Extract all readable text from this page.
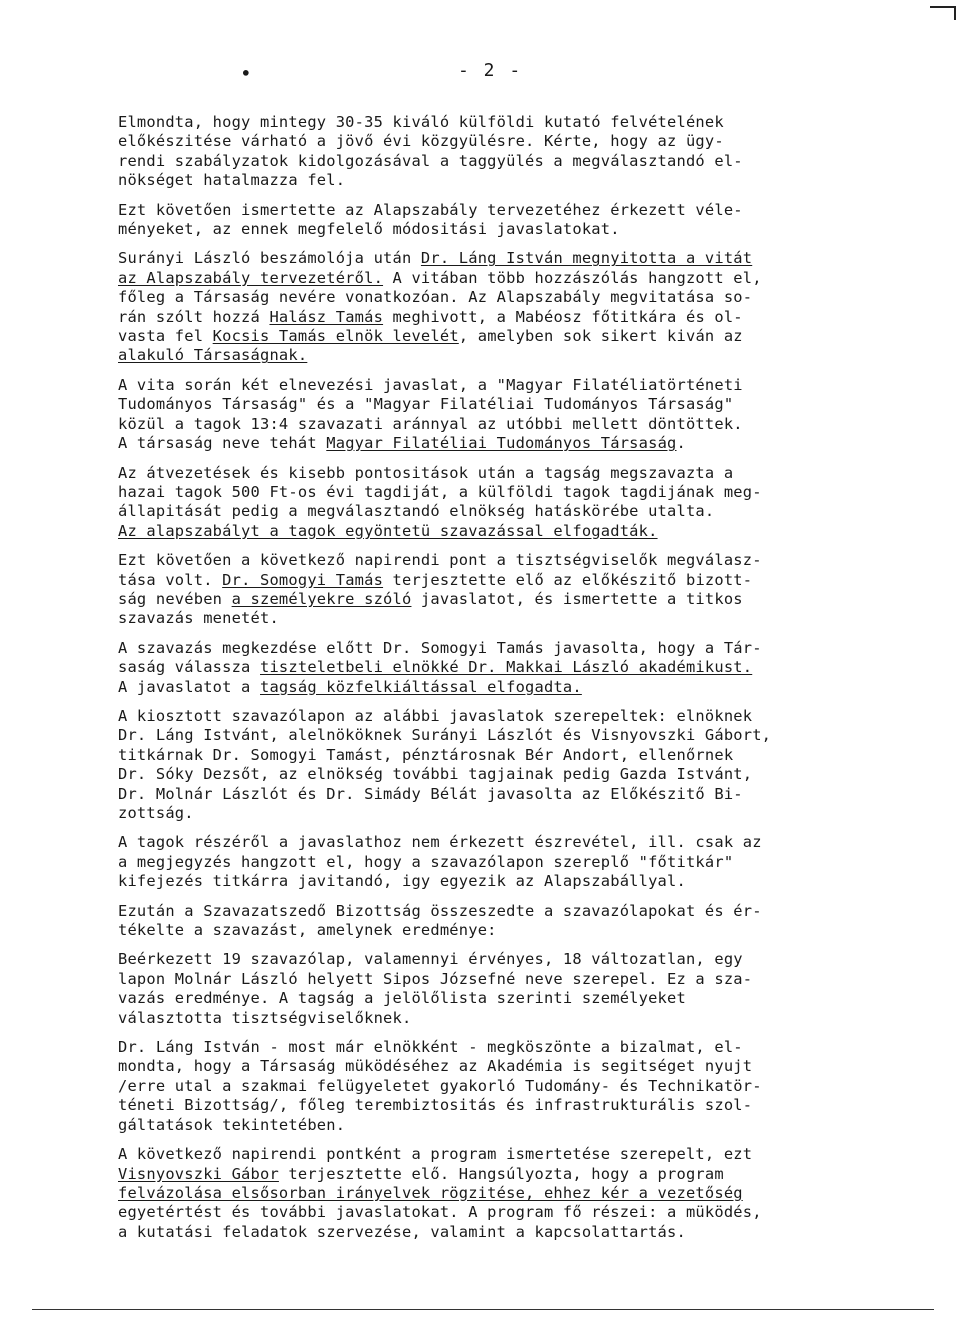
•	- 2 -
Elmondta, hogy mintegy 30-35 kiváló külföldi kutató felvételének
előkészitése várható a jövő évi közgyülésre. Kérte, hogy az ügy-
rendi szabályzatok kidolgozásával a taggyülés a megválasztandó el-
nökséget hatalmazza fel.
Ezt követően ismertette az Alapszabály tervezetéhez érkezett véle-
ményeket, az ennek megfelelő módositási javaslatokat.
Surányi László beszámolója után Dr. Láng István megnyitotta a vitát
az Alapszabály tervezetéről. A vitában több hozzászólás hangzott el,
főleg a Társaság nevére vonatkozóan. Az Alapszabály megvitatása so-
rán szólt hozzá Halász Tamás meghivott, a Mabéosz főtitkára és ol-
vasta fel Kocsis Tamás elnök levelét, amelyben sok sikert kiván az
alakuló Társaságnak.
A vita során két elnevezési javaslat, a "Magyar Filatéliatörténeti
Tudományos Társaság" és a "Magyar Filatéliai Tudományos Társaság"
közül a tagok 13:4 szavazati aránnyal az utóbbi mellett döntöttek.
A társaság neve tehát Magyar Filatéliai Tudományos Társaság.
Az átvezetések és kisebb pontositások után a tagság megszavazta a
hazai tagok 500 Ft-os évi tagdiját, a külföldi tagok tagdijának meg-
állapitását pedig a megválasztandó elnökség hatáskörébe utalta.
Az alapszabályt a tagok egyöntetü szavazással elfogadták.
Ezt követően a következő napirendi pont a tisztségviselők megválasz-
tása volt. Dr. Somogyi Tamás terjesztette elő az előkészitő bizott-
ság nevében a személyekre szóló javaslatot, és ismertette a titkos
szavazás menetét.
A szavazás megkezdése előtt Dr. Somogyi Tamás javasolta, hogy a Tár-
saság válassza tiszteletbeli elnökké Dr. Makkai László akadémikust.
A javaslatot a tagság közfelkiáltással elfogadta.
A kiosztott szavazólapon az alábbi javaslatok szerepeltek: elnöknek
Dr. Láng Istvánt, alelnököknek Surányi Lászlót és Visnyovszki Gábort,
titkárnak Dr. Somogyi Tamást, pénztárosnak Bér Andort, ellenőrnek
Dr. Sóky Dezsőt, az elnökség további tagjainak pedig Gazda Istvánt,
Dr. Molnár Lászlót és Dr. Simády Bélát javasolta az Előkészitő Bi-
zottság.
A tagok részéről a javaslathoz nem érkezett észrevétel, ill. csak az
a megjegyzés hangzott el, hogy a szavazólapon szereplő "főtitkár"
kifejezés titkárra javitandó, igy egyezik az Alapszabállyal.
Ezután a Szavazatszedő Bizottság összeszedte a szavazólapokat és ér-
tékelte a szavazást, amelynek eredménye:
Beérkezett 19 szavazólap, valamennyi érvényes, 18 változatlan, egy
lapon Molnár László helyett Sipos Józsefné neve szerepel. Ez a sza-
vazás eredménye. A tagság a jelölőlista szerinti személyeket
választotta tisztségviselőknek.
Dr. Láng István - most már elnökként - megköszönte a bizalmat, el-
mondta, hogy a Társaság müködéséhez az Akadémia is segitséget nyujt
/erre utal a szakmai felügyeletet gyakorló Tudomány- és Technikatör-
téneti Bizottság/, főleg terembiztositás és infrastrukturális szol-
gáltatások tekintetében.
A következő napirendi pontként a program ismertetése szerepelt, ezt
Visnyovszki Gábor terjesztette elő. Hangsúlyozta, hogy a program
felvázolása elsősorban irányelvek rögzitése, ehhez kér a vezetőség
egyetértést és további javaslatokat. A program fő részei: a müködés,
a kutatási feladatok szervezése, valamint a kapcsolattartás.
